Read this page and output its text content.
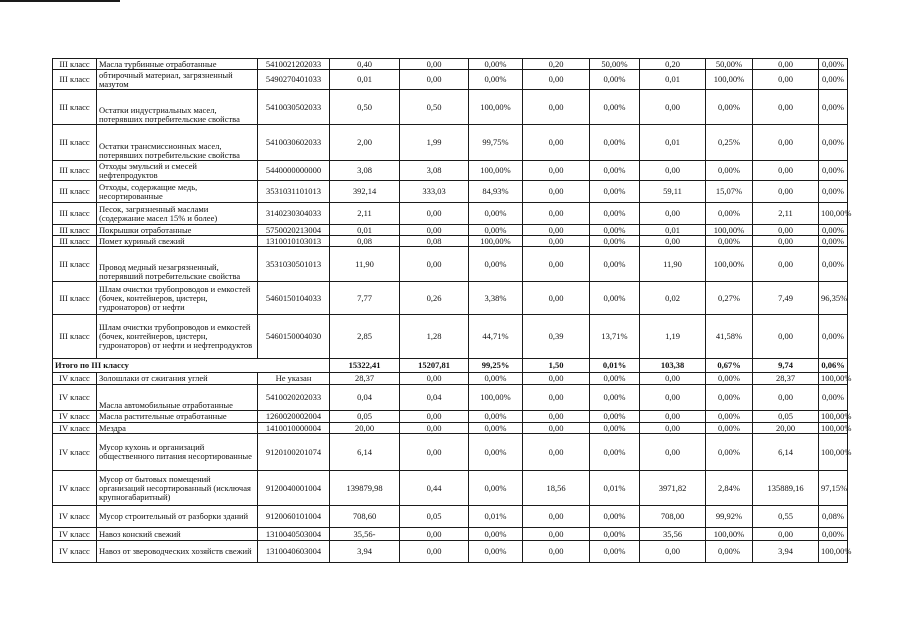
III класс	Масла турбинные отработанные	5410021202033	0,40	0,00	0,00%	0,20	50,00%	0,20	50,00%	0,00	0,00%
III класс	обтирочный материал, загрязненный мазутом	5490270401033	0,01	0,00	0,00%	0,00	0,00%	0,01	100,00%	0,00	0,00%
III класс	Остатки индустриальных масел, потерявших потребительские свойства	5410030502033	0,50	0,50	100,00%	0,00	0,00%	0,00	0,00%	0,00	0,00%
III класс	Остатки трансмиссионных масел, потерявших потребительские свойства	5410030602033	2,00	1,99	99,75%	0,00	0,00%	0,01	0,25%	0,00	0,00%
III класс	Отходы эмульсий и смесей нефтепродуктов	5440000000000	3,08	3,08	100,00%	0,00	0,00%	0,00	0,00%	0,00	0,00%
III класс	Отходы, содержащие медь, несортированные	3531031101013	392,14	333,03	84,93%	0,00	0,00%	59,11	15,07%	0,00	0,00%
III класс	Песок, загрязненный маслами (содержание масел 15% и более)	3140230304033	2,11	0,00	0,00%	0,00	0,00%	0,00	0,00%	2,11	100,00%
III класс	Покрышки отработанные	5750020213004	0,01	0,00	0,00%	0,00	0,00%	0,01	100,00%	0,00	0,00%
III класс	Помет куриный свежий	1310010103013	0,08	0,08	100,00%	0,00	0,00%	0,00	0,00%	0,00	0,00%
III класс	Провод медный незагрязненный, потерявший потребительские свойства	3531030501013	11,90	0,00	0,00%	0,00	0,00%	11,90	100,00%	0,00	0,00%
III класс	Шлам очистки трубопроводов и емкостей (бочек, контейнеров, цистерн, гудронаторов) от нефти	5460150104033	7,77	0,26	3,38%	0,00	0,00%	0,02	0,27%	7,49	96,35%
III класс	Шлам очистки трубопроводов и емкостей (бочек, контейнеров, цистерн, гудронаторов) от нефти и нефтепродуктов	5460150004030	2,85	1,28	44,71%	0,39	13,71%	1,19	41,58%	0,00	0,00%
Итого по III классу			15322,41	15207,81	99,25%	1,50	0,01%	103,38	0,67%	9,74	0,06%
IV класс	Золошлаки от сжигания углей	Не указан	28,37	0,00	0,00%	0,00	0,00%	0,00	0,00%	28,37	100,00%
IV класс	Масла автомобильные отработанные	5410020202033	0,04	0,04	100,00%	0,00	0,00%	0,00	0,00%	0,00	0,00%
IV класс	Масла растительные отработанные	1260020002004	0,05	0,00	0,00%	0,00	0,00%	0,00	0,00%	0,05	100,00%
IV класс	Мездра	1410010000004	20,00	0,00	0,00%	0,00	0,00%	0,00	0,00%	20,00	100,00%
IV класс	Мусор кухонь и организаций общественного питания несортированные	9120100201074	6,14	0,00	0,00%	0,00	0,00%	0,00	0,00%	6,14	100,00%
IV класс	Мусор от бытовых помещений организаций несортированный (исключая крупногабаритный)	9120040001004	139879,98	0,44	0,00%	18,56	0,01%	3971,82	2,84%	135889,16	97,15%
IV класс	Мусор строительный от разборки зданий	9120060101004	708,60	0,05	0,01%	0,00	0,00%	708,00	99,92%	0,55	0,08%
IV класс	Навоз конский свежий	1310040503004	35,56-	0,00	0,00%	0,00	0,00%	35,56	100,00%	0,00	0,00%
IV класс	Навоз от звероводческих хозяйств свежий	1310040603004	3,94	0,00	0,00%	0,00	0,00%	0,00	0,00%	3,94	100,00%
